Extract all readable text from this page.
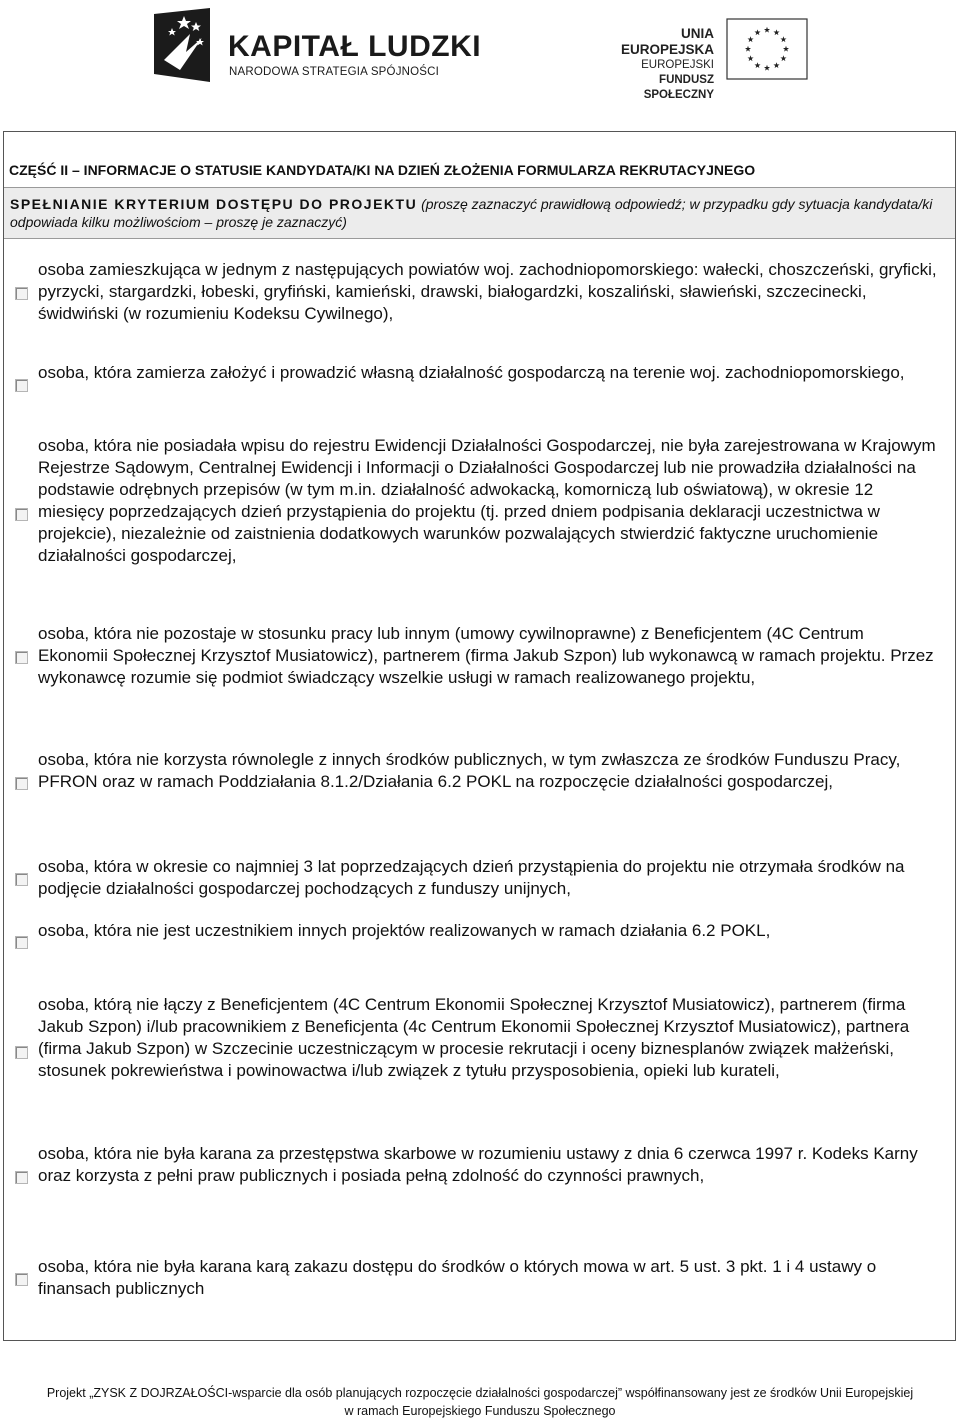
KAPITAŁ LUDZKI
NARODOWA STRATEGIA SPÓJNOŚCI
UNIA EUROPEJSKA
EUROPEJSKI
FUNDUSZ SPOŁECZNY
CZĘŚĆ II – INFORMACJE O STATUSIE KANDYDATA/KI NA DZIEŃ ZŁOŻENIA FORMULARZA REKRUTACYJNEGO
SPEŁNIANIE KRYTERIUM DOSTĘPU DO PROJEKTU (proszę zaznaczyć prawidłową odpowiedź; w przypadku gdy sytuacja kandydata/ki odpowiada kilku możliwościom – proszę je zaznaczyć)
osoba zamieszkująca w jednym z następujących powiatów woj. zachodniopomorskiego: wałecki, choszczeński, gryficki, pyrzycki, stargardzki, łobeski, gryfiński, kamieński, drawski, białogardzki, koszaliński, sławieński, szczecinecki, świdwiński (w rozumieniu Kodeksu Cywilnego),
osoba, która zamierza założyć i prowadzić własną działalność gospodarczą na terenie woj. zachodniopomorskiego,
osoba, która nie posiadała wpisu do rejestru Ewidencji Działalności Gospodarczej, nie była zarejestrowana w Krajowym Rejestrze Sądowym, Centralnej Ewidencji i Informacji o Działalności Gospodarczej lub nie prowadziła działalności na podstawie odrębnych przepisów (w tym m.in. działalność adwokacką, komorniczą lub oświatową), w okresie 12 miesięcy poprzedzających dzień przystąpienia do projektu (tj. przed dniem podpisania deklaracji uczestnictwa w projekcie), niezależnie od zaistnienia dodatkowych warunków pozwalających stwierdzić faktyczne uruchomienie działalności gospodarczej,
osoba, która nie pozostaje w stosunku pracy lub innym (umowy cywilnoprawne) z Beneficjentem (4C Centrum Ekonomii Społecznej Krzysztof Musiatowicz), partnerem (firma Jakub Szpon) lub wykonawcą w ramach projektu. Przez wykonawcę rozumie się podmiot świadczący wszelkie usługi w ramach realizowanego projektu,
osoba, która nie korzysta równolegle z innych środków publicznych, w tym zwłaszcza ze środków Funduszu Pracy, PFRON oraz w ramach Poddziałania 8.1.2/Działania 6.2 POKL na rozpoczęcie działalności gospodarczej,
osoba, która w okresie co najmniej 3 lat poprzedzających dzień przystąpienia do projektu nie otrzymała środków na podjęcie działalności gospodarczej pochodzących z funduszy unijnych,
osoba, która nie jest uczestnikiem innych projektów realizowanych w ramach działania 6.2 POKL,
osoba, którą nie łączy z Beneficjentem (4C Centrum Ekonomii Społecznej Krzysztof Musiatowicz), partnerem (firma Jakub Szpon) i/lub pracownikiem z Beneficjenta (4c Centrum Ekonomii Społecznej Krzysztof Musiatowicz), partnera (firma Jakub Szpon) w Szczecinie uczestniczącym w procesie rekrutacji i oceny biznesplanów związek małżeński, stosunek pokrewieństwa i powinowactwa i/lub związek z tytułu przysposobienia, opieki lub kurateli,
osoba, która nie była karana za przestępstwa skarbowe w rozumieniu ustawy z dnia 6 czerwca 1997 r. Kodeks Karny oraz korzysta z pełni praw publicznych i posiada pełną zdolność do czynności prawnych,
osoba, która nie była karana karą zakazu dostępu do środków o których mowa w art. 5 ust. 3 pkt. 1 i 4 ustawy o finansach publicznych
Projekt „ZYSK Z DOJRZAŁOŚCI-wsparcie dla osób planujących rozpoczęcie działalności gospodarczej” współfinansowany jest ze środków Unii Europejskiej
w ramach Europejskiego Funduszu Społecznego
